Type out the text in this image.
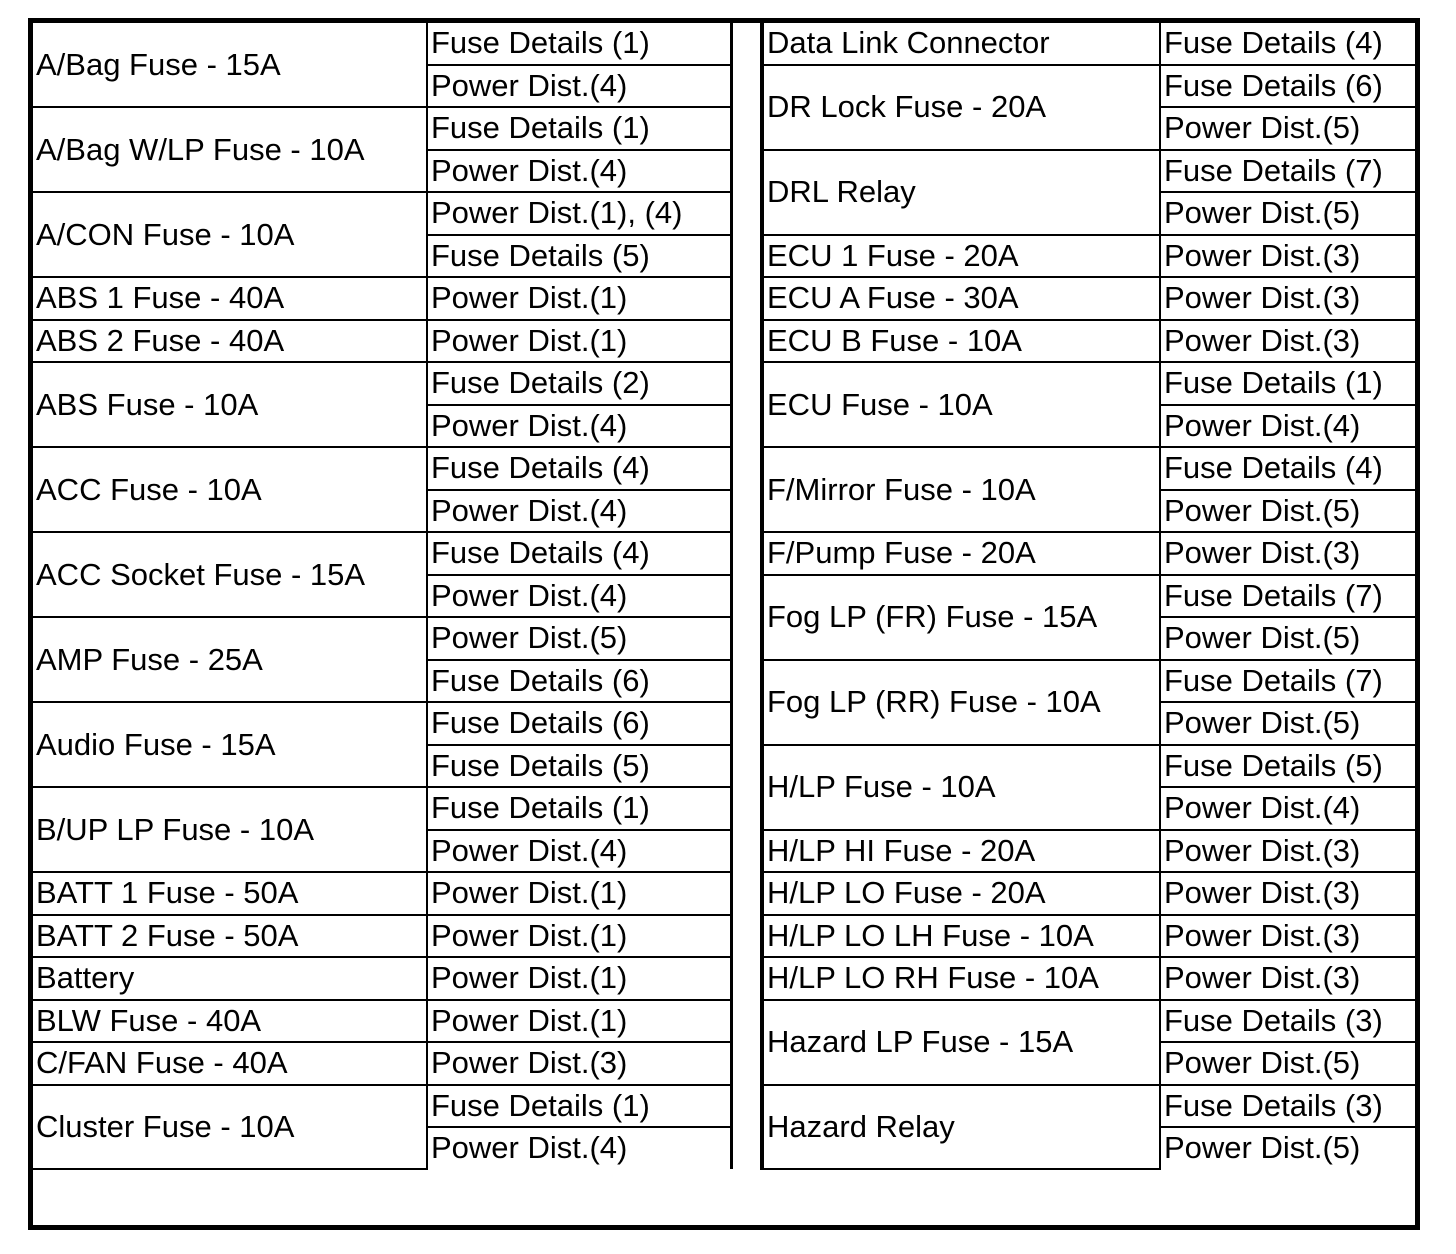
A/Bag Fuse - 15A	Fuse Details (1)
	Power Dist.(4)
A/Bag W/LP Fuse - 10A	Fuse Details (1)
	Power Dist.(4)
A/CON Fuse - 10A	Power Dist.(1), (4)
	Fuse Details (5)
ABS 1 Fuse - 40A	Power Dist.(1)
ABS 2 Fuse - 40A	Power Dist.(1)
ABS Fuse - 10A	Fuse Details (2)
	Power Dist.(4)
ACC Fuse - 10A	Fuse Details (4)
	Power Dist.(4)
ACC Socket Fuse - 15A	Fuse Details (4)
	Power Dist.(4)
AMP Fuse - 25A	Power Dist.(5)
	Fuse Details (6)
Audio Fuse - 15A	Fuse Details (6)
	Fuse Details (5)
B/UP LP Fuse - 10A	Fuse Details (1)
	Power Dist.(4)
BATT 1 Fuse - 50A	Power Dist.(1)
BATT 2 Fuse - 50A	Power Dist.(1)
Battery	Power Dist.(1)
BLW Fuse - 40A	Power Dist.(1)
C/FAN Fuse - 40A	Power Dist.(3)
Cluster Fuse - 10A	Fuse Details (1)
	Power Dist.(4)
Data Link Connector	Fuse Details (4)
DR Lock Fuse - 20A	Fuse Details (6)
	Power Dist.(5)
DRL Relay	Fuse Details (7)
	Power Dist.(5)
ECU 1 Fuse - 20A	Power Dist.(3)
ECU A Fuse - 30A	Power Dist.(3)
ECU B Fuse - 10A	Power Dist.(3)
ECU Fuse - 10A	Fuse Details (1)
	Power Dist.(4)
F/Mirror Fuse - 10A	Fuse Details (4)
	Power Dist.(5)
F/Pump Fuse - 20A	Power Dist.(3)
Fog LP (FR) Fuse - 15A	Fuse Details (7)
	Power Dist.(5)
Fog LP (RR) Fuse - 10A	Fuse Details (7)
	Power Dist.(5)
H/LP Fuse - 10A	Fuse Details (5)
	Power Dist.(4)
H/LP HI Fuse - 20A	Power Dist.(3)
H/LP LO Fuse - 20A	Power Dist.(3)
H/LP LO LH Fuse - 10A	Power Dist.(3)
H/LP LO RH Fuse - 10A	Power Dist.(3)
Hazard LP Fuse - 15A	Fuse Details (3)
	Power Dist.(5)
Hazard Relay	Fuse Details (3)
	Power Dist.(5)
